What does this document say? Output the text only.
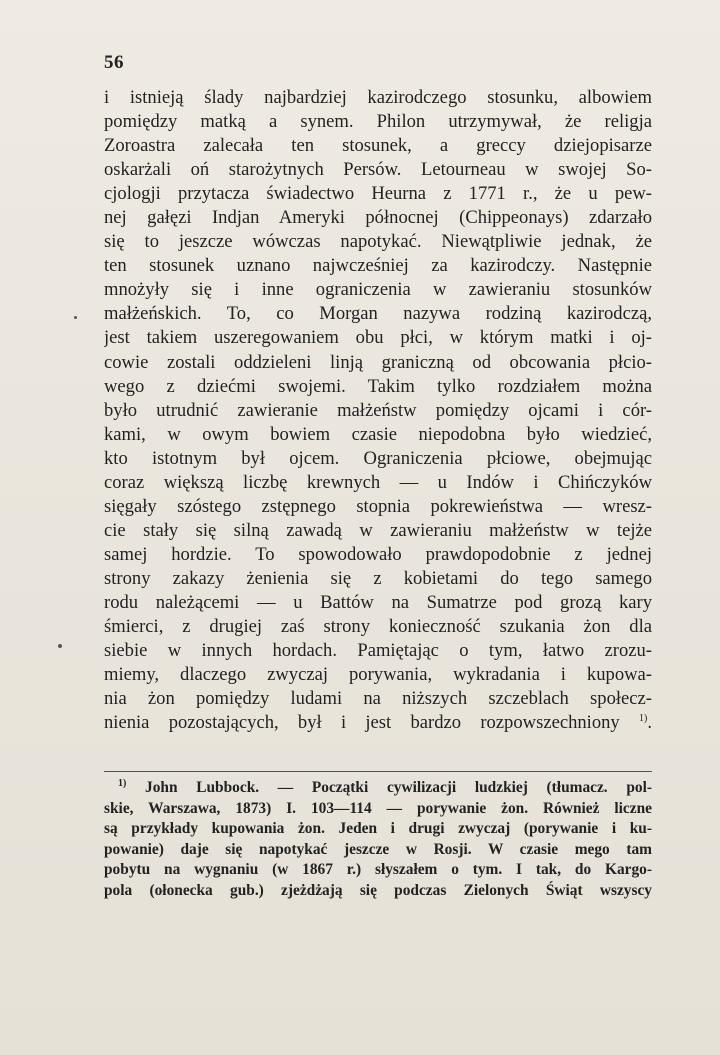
56
i istnieją ślady najbardziej kazirodczego stosunku, albowiem
pomiędzy matką a synem. Philon utrzymywał, że religja
Zoroastra zalecała ten stosunek, a greccy dziejopisarze
oskarżali oń starożytnych Persów. Letourneau w swojej So-
cjologji przytacza świadectwo Heurna z 1771 r., że u pew-
nej gałęzi Indjan Ameryki północnej (Chippeonays) zdarzało
się to jeszcze wówczas napotykać. Niewątpliwie jednak, że
ten stosunek uznano najwcześniej za kazirodczy. Następnie
mnożyły się i inne ograniczenia w zawieraniu stosunków
małżeńskich. To, co Morgan nazywa rodziną kazirodczą,
jest takiem uszeregowaniem obu płci, w którym matki i oj-
cowie zostali oddzieleni linją graniczną od obcowania płcio-
wego z dziećmi swojemi. Takim tylko rozdziałem można
było utrudnić zawieranie małżeństw pomiędzy ojcami i cór-
kami, w owym bowiem czasie niepodobna było wiedzieć,
kto istotnym był ojcem. Ograniczenia płciowe, obejmując
coraz większą liczbę krewnych — u Indów i Chińczyków
sięgały szóstego zstępnego stopnia pokrewieństwa — wresz-
cie stały się silną zawadą w zawieraniu małżeństw w tejże
samej hordzie. To spowodowało prawdopodobnie z jednej
strony zakazy żenienia się z kobietami do tego samego
rodu należącemi — u Battów na Sumatrze pod grozą kary
śmierci, z drugiej zaś strony konieczność szukania żon dla
siebie w innych hordach. Pamiętając o tym, łatwo zrozu-
miemy, dlaczego zwyczaj porywania, wykradania i kupowa-
nia żon pomiędzy ludami na niższych szczeblach społecz-
nienia pozostających, był i jest bardzo rozpowszechniony $^{1)}$.
$^{1)}$ John Lubbock. — Początki cywilizacji ludzkiej (tłumacz. pol-
skie, Warszawa, 1873) I. 103—114 — porywanie żon. Również liczne
są przykłady kupowania żon. Jeden i drugi zwyczaj (porywanie i ku-
powanie) daje się napotykać jeszcze w Rosji. W czasie mego tam
pobytu na wygnaniu (w 1867 r.) słyszałem o tym. I tak, do Kargo-
pola (ołonecka gub.) zjeżdżają się podczas Zielonych Świąt wszyscy
